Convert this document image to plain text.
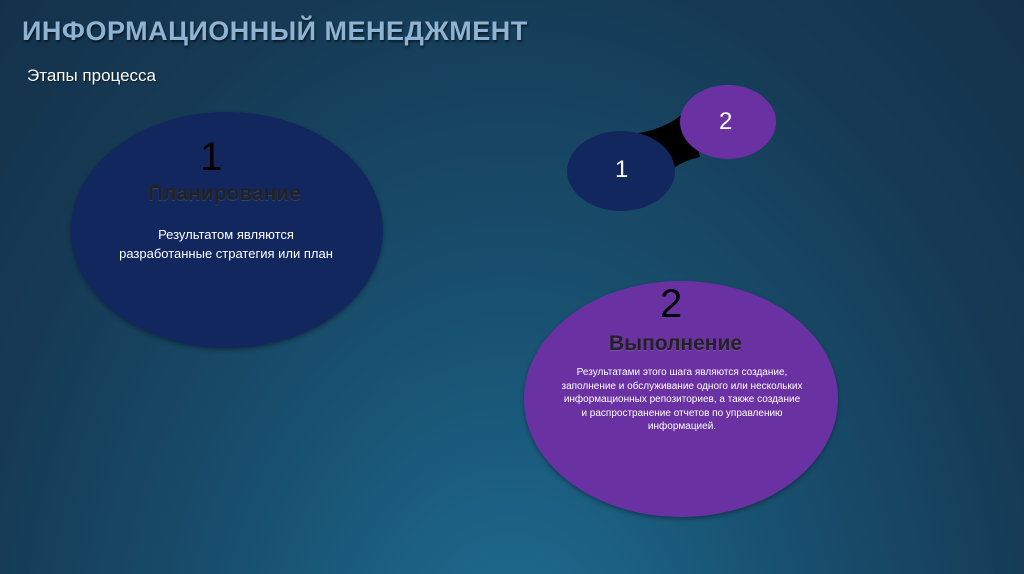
ИНФОРМАЦИОННЫЙ МЕНЕДЖМЕНТ
Этапы процесса
1
Планирование
Результатом являются разработанные стратегия или план
1
2
2
Выполнение
Результатами этого шага являются создание, заполнение и обслуживание одного или нескольких информационных репозиториев, а также создание и распространение отчетов по управлению информацией.
